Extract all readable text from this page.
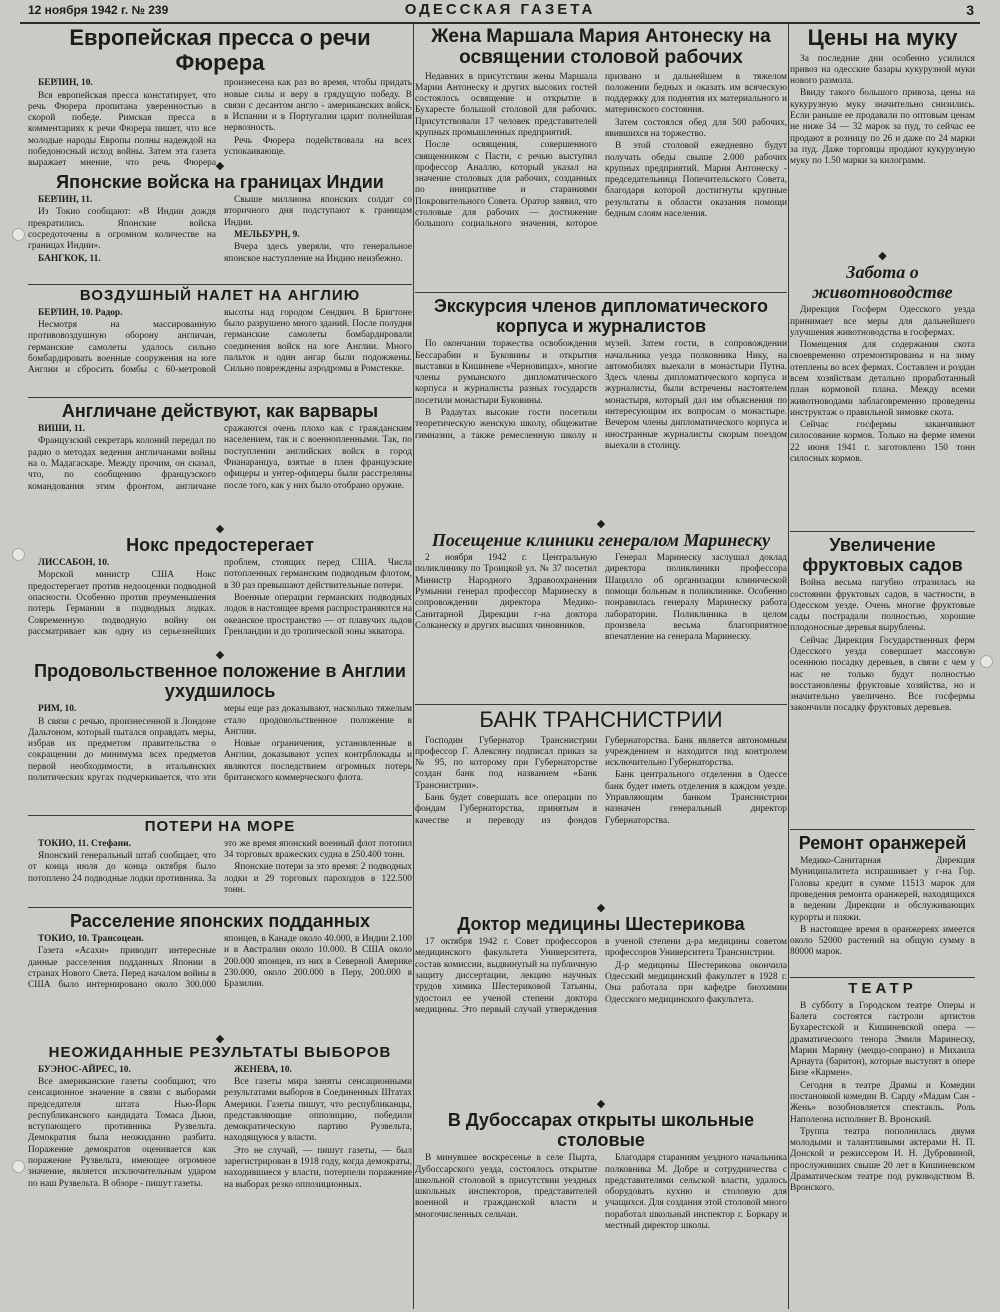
12 ноября 1942 г. № 239	ОДЕССКАЯ ГАЗЕТА	3
Европейская пресса о речи Фюрера

БЕРЛИН, 10.

Вся европейская пресса констатирует, что речь Фюрера пропитана уверенностью в скорой победе. Римская пресса в комментариях к речи Фюрера пишет, что все молодые народы Европы полны надеждой на победоносный исход войны. Затем эта газета выражает мнение, что речь Фюрера произнесена как раз во время, чтобы придать новые силы и веру в грядущую победу. В связи с десантом англо - американских войск, в Испании и в Португалии царит полнейшая нервозность.

Речь Фюрера подействовала на всех успокаивающе.

◆
Японские войска на границах Индии

БЕРЛИН, 11.

Из Токио сообщают: «В Индии дождя прекратились. Японские войска сосредоточены в огромном количестве на границах Индии».

БАНГКОК, 11.

Свыше миллиона японских солдат со вторичного дня подступают к границам Индии.

МЕЛЬБУРН, 9.

Вчера здесь уверяли, что генеральное японское наступление на Индию неизбежно.

ВОЗДУШНЫЙ НАЛЕТ НА АНГЛИЮ

БЕРЛИН, 10. Радор.

Несмотря на массированную противовоздушную оборону англичан, германские самолеты удалось сильно бомбардировать военные сооружения на юге Англии и сбросить бомбы с 60-метровой высоты над городом Сендвич. В Бригтоне было разрушено много зданий. После полудня германские самолеты бомбардировали соединения войск на юге Англии. Много пальток и один ангар были подожжены. Сильно повреждены аэродромы в Ромстекке.

Англичане действуют, как варвары

ВИШИ, 11.

Французский секретарь колоний передал по радио о методах ведения англичанами войны на о. Мадагаскаре. Между прочим, он сказал, что, по сообщению французского командования этим фронтом, англичане сражаются очень плохо как с гражданским населением, так и с военнопленными. Так, по поступлении английских войск в город Фианаранцуа, взятые в плен французские офицеры и унтер-офицеры были расстреляны после того, как у них было отобрано оружие.

◆
Нокс предостерегает

ЛИССАБОН, 10.

Морской министр США Нокс предостерегает против недооценки подводной опасности. Особенно против преуменьшения потерь Германии в подводных лодках. Современную подводную войну он рассматривает как одну из серьезнейших проблем, стоящих перед США. Числа потопленных германским подводным флотом, в 30 раз превышают действительные потери.

Военные операции германских подводных лодок в настоящее время распространяются на океанское пространство — от плавучих льдов Гренландии и до тропической зоны экватора.

◆
Продовольственное положение в Англии ухудшилось

РИМ, 10.

В связи с речью, произнесенной в Лондоне Дальтоном, который пытался оправдать меры, избрав их предметом правительства о сокращении до минимума всех предметов первой необходимости, в итальянских политических кругах подчеркивается, что эти меры еще раз доказывают, насколько тяжелым стало продовольственное положение в Англии.

Новые ограничения, установленные в Англии, доказывают успех контрблокады и являются последствием огромных потерь британского коммерческого флота.

ПОТЕРИ НА МОРЕ

ТОКИО, 11. Стефани.

Японский генеральный штаб сообщает, что от конца июля до конца октября было потоплено 24 подводные лодки противника. За это же время японский военный флот потопил 34 торговых вражеских судна в 250.400 тонн.

Японские потери за это время: 2 подводных лодки и 29 торговых пароходов в 122.500 тонн.

Расселение японских подданных

ТОКИО, 10. Трансоцеан.

Газета «Асахи» приводит интересные данные расселения подданных Японии в странах Нового Света. Перед началом войны в США было интернировано около 300.000 японцев, в Канаде около 40.000, в Индии 2.100 и в Австралии около 10.000. В США около 200.000 японцев, из них в Северной Америке 230.000, около 200.000 в Перу, 200.000 в Бразилии.

◆
НЕОЖИДАННЫЕ РЕЗУЛЬТАТЫ ВЫБОРОВ

БУЭНОС-АЙРЕС, 10.

Все американские газеты сообщают, что сенсационное значение в связи с выборами председателя штата Нью-Йорк республиканского кандидата Томаса Дьюи, вступающего противника Рузвельта. Демократия была неожиданно разбита. Поражение демократов оценивается как поражение Рузвельта, имеющее огромное значение, является исключительным ударом по наш Рузвельта. В обзоре - пишут газеты.

ЖЕНЕВА, 10.

Все газеты мира заняты сенсационными результатами выборов в Соединенных Штатах Америки. Газеты пишут, что республиканцы, представляющие оппозицию, победили демократическую партию Рузвельта, находящуюся у власти.

Это не случай, — пишут газеты, — был зарегистрирован в 1918 году, когда демократы, находившиеся у власти, потерпели поражение на выборах резко оппозиционных.

Жена Маршала Мария Антонеску на освящении столовой рабочих

Недавних в присутствии жены Маршала Марии Антонеску и других высоких гостей состоялось освящение и открытие в Бухаресте большой столовой для рабочих. Присутствовали 17 человек представителей крупных промышленных предприятий.

После освящения, совершенного священником с Пасти, с речью выступил профессор Аналлю, который указал на значение столовых для рабочих, созданных по инициативе и стараниями Покровительного Совета. Оратор заявил, что столовые для рабочих — достижение большого социального значения, которое призвано и дальнейшем в тяжелом положении бедных и оказать им всяческую поддержку для поднятия их материального и материнского состояния.

Затем состоялся обед для 500 рабочих, явившихся на торжество.

В этой столовой ежедневно будут получать обеды свыше 2.000 рабочих крупных предприятий. Мария Антонеску - председательница Попечительского Совета, благодаря которой достигнуты крупные результаты в области оказания помощи бедным слоям населения.

Экскурсия членов дипломатического корпуса и журналистов

По окончании торжества освобождения Бессарабии и Буковины и открытия выставки в Кишиневе «Черновицах», многие члены румынского дипломатического корпуса и журналисты разных государств посетили монастыри Буковины.

В Радаутах высокие гости посетили теоретическую женскую школу, общежитие гимназии, а также ремесленную школу и музей. Затем гости, в сопровождении начальника уезда полковника Нику, на автомобилях выехали в монастыри Путна. Здесь члены дипломатического корпуса и журналисты, были встречены настоятелем монастыря, который дал им объяснения по интересующим их вопросам о монастыре. Вечером члены дипломатического корпуса и иностранные журналисты скорым поездом выехали в столицу.

◆
Посещение клиники генералом Маринеску

2 ноября 1942 г. Центральную поликлинику по Троицкой ул. № 37 посетил Министр Народного Здравоохранения Румынии генерал профессор Маринеску в сопровождении директора Медико-Санитарной Дирекции г-на доктора Солканеску и других высших чиновников.

Генерал Маринеску заслушал доклад директора поликлиники профессора Шацилло об организации клинической помощи больным в поликлинике. Особенно понравилась генералу Маринеску работа лаборатории. Поликлиника в целом произвела весьма благоприятное впечатление на генерала Маринеску.

БАНК ТРАНСНИСТРИИ

Господин Губернатор Транснистрии профессор Г. Алексяну подписал приказ за № 95, по которому при Губернаторстве создан банк под названием «Банк Транснистрии».

Банк будет совершать все операции по фондам Губернаторства, принятым в качестве и переводу из фондов Губернаторства. Банк является автономным учреждением и находится под контролем исключительно Губернаторства.

Банк центрального отделения в Одессе банк будет иметь отделения в каждом уезде. Управляющим банком Транснистрии назначен генеральный директор Губернаторства.

◆
Доктор медицины Шестерикова

17 октября 1942 г. Совет профессоров медицинского факультета Университета, состав комиссии, выдвинутый на публичную защиту диссертации, лекцию научных трудов химика Шестериковой Татьяны, удостоил ее ученой степени доктора медицины. Это первый случай утверждения в ученой степени д-ра медицины советом профессоров Университета Транснистрии.

Д-р медицины Шестерикова окончила Одесский медицинский факультет в 1928 г. Она работала при кафедре биохимии Одесского медицинского факультета.

◆
В Дубоссарах открыты школьные столовые

В минувшее воскресенье в селе Пырта, Дубоссарского уезда, состоялось открытие школьной столовой в присутствии уездных школьных инспекторов, представителей военной и гражданской власти и многочисленных сельчан.

Благодаря стараниям уездного начальника полковника М. Добре и сотрудничества с представителями сельской власти, удалось оборудовать кухню и столовую для учащихся. Для создания этой столовой много поработал школьный инспектор г. Боркару и местный директор школы.

Цены на муку

За последние дни особенно усилился привоз на одесские базары кукурузной муки нового размола.

Ввиду такого большого привоза, цены на кукурузную муку значительно снизились. Если раньше ее продавали по оптовым ценам не ниже 34 — 32 марок за пуд, то сейчас ее продают в розницу по 26 и даже по 24 марки за пуд. Даже торговцы продают кукурузную муку по 1.50 марки за килограмм.

◆
Забота о животноводстве

Дирекция Госферм Одесского уезда принимает все меры для дальнейшего улучшения животноводства в госфермах.

Помещения для содержания скота своевременно отремонтированы и на зиму отеплены во всех фермах. Составлен и роздан всем хозяйствам детально проработанный план кормовой плана. Между всеми животноводами заблаговременно проведены инструктаж о правильной зимовке скота.

Сейчас госфермы заканчивают силосование кормов. Только на ферме имени 22 июня 1941 г. заготовлено 150 тонн силосных кормов.

Увеличение фруктовых садов

Война весьма пагубно отразилась на состоянии фруктовых садов, в частности, в Одесском уезде. Очень многие фруктовые сады пострадали полностью, хорошие плодоносные деревья вырублены.

Сейчас Дирекция Государственных ферм Одесского уезда совершает массовую осеннюю посадку деревьев, в связи с чем у нас не только будут полностью восстановлены фруктовые хозяйства, но и значительно увеличено. Все госфермы закончили посадку фруктовых деревьев.

Ремонт оранжерей

Медико-Санитарная Дирекция Муниципалитета испрашивает у г-на Гор. Головы кредит в сумме 11513 марок для проведения ремонта оранжерей, находящихся в ведении Дирекции и обслуживающих курорты и пляжи.

В настоящее время в оранжереях имеется около 52000 растений на общую сумму в 80000 марок.

ТЕАТР

В субботу в Городском театре Оперы и Балета состоятся гастроли артистов Бухарестской и Кишиневской опера — драматического тенора Эмиля Маринеску, Марии Маряну (меццо-сопрано) и Михаила Арнаута (баритон), которые выступят в опере Бизе «Кармен».

Сегодня в театре Драмы и Комедии постановкой комедии В. Сарду «Мадам Сан - Жень» возобновляется спектакль. Роль Наполеона исполняет В. Вронский.

Труппа театра пополнилась двумя молодыми и талантливыми актерами Н. П. Донской и режиссером И. Н. Дубровиной, прослуживших свыше 20 лет в Кишиневском Драматическом театре под руководством В. Вронского.
